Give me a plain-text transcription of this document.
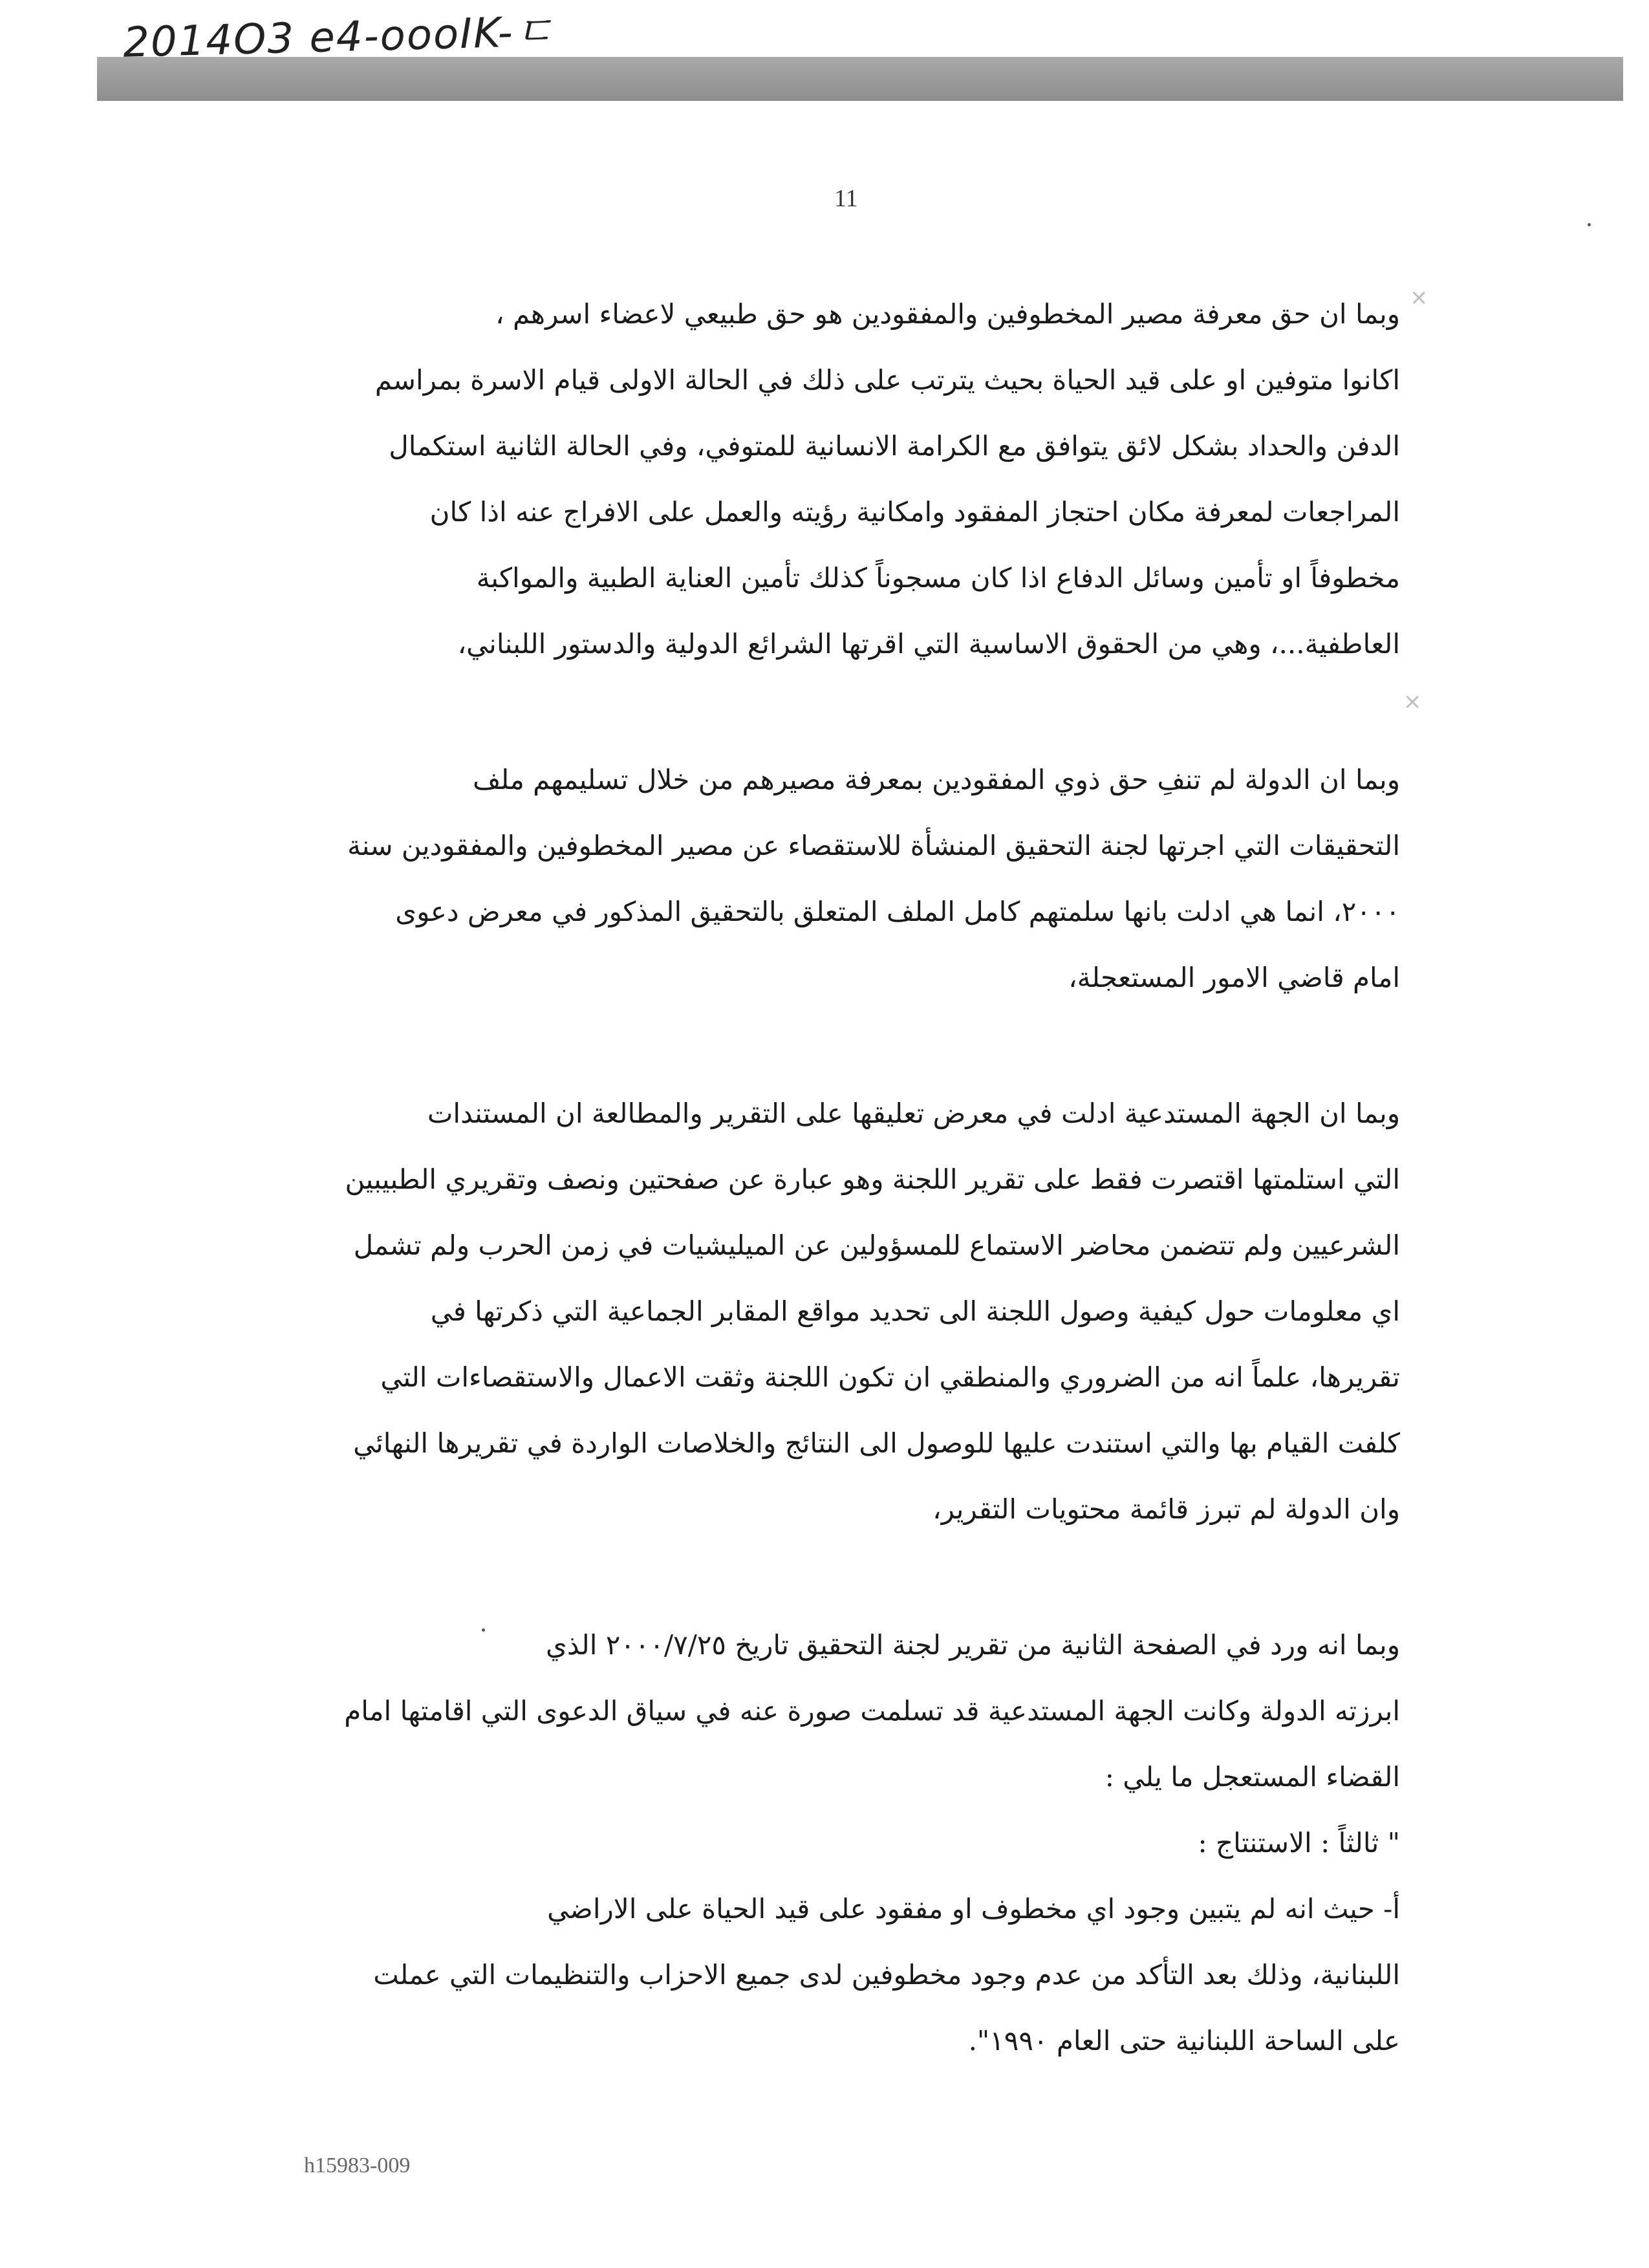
2014O3 e4-oooIK-ㄷ
11
×
×

وبما ان حق معرفة مصير المخطوفين والمفقودين هو حق طبيعي لاعضاء اسرهم ،
اكانوا متوفين او على قيد الحياة بحيث يترتب على ذلك في الحالة الاولى قيام الاسرة بمراسم
الدفن والحداد بشكل لائق يتوافق مع الكرامة الانسانية للمتوفي، وفي الحالة الثانية استكمال
المراجعات لمعرفة مكان احتجاز المفقود وامكانية رؤيته والعمل على الافراج عنه اذا كان
مخطوفاً او تأمين وسائل الدفاع اذا كان مسجوناً كذلك تأمين العناية الطبية والمواكبة
العاطفية...، وهي من الحقوق الاساسية التي اقرتها الشرائع الدولية والدستور اللبناني،

وبما ان الدولة لم تنفِ حق ذوي المفقودين بمعرفة مصيرهم من خلال تسليمهم ملف
التحقيقات التي اجرتها لجنة التحقيق المنشأة للاستقصاء عن مصير المخطوفين والمفقودين سنة
٢٠٠٠، انما هي ادلت بانها سلمتهم كامل الملف المتعلق بالتحقيق المذكور في معرض دعوى
امام قاضي الامور المستعجلة،

وبما ان الجهة المستدعية ادلت في معرض تعليقها على التقرير والمطالعة ان المستندات
التي استلمتها اقتصرت فقط على تقرير اللجنة وهو عبارة عن صفحتين ونصف وتقريري الطبيبين
الشرعيين ولم تتضمن محاضر الاستماع للمسؤولين عن الميليشيات في زمن الحرب ولم تشمل
اي معلومات حول كيفية وصول اللجنة الى تحديد مواقع المقابر الجماعية التي ذكرتها في
تقريرها، علماً انه من الضروري والمنطقي ان تكون اللجنة وثقت الاعمال والاستقصاءات التي
كلفت القيام بها والتي استندت عليها للوصول الى النتائج والخلاصات الواردة في تقريرها النهائي
وان الدولة لم تبرز قائمة محتويات التقرير،

وبما انه ورد في الصفحة الثانية من تقرير لجنة التحقيق تاريخ ٢٠٠٠/٧/٢٥ الذي
ابرزته الدولة وكانت الجهة المستدعية قد تسلمت صورة عنه في سياق الدعوى التي اقامتها امام
القضاء المستعجل ما يلي :
" ثالثاً : الاستنتاج :
أ- حيث انه لم يتبين وجود اي مخطوف او مفقود على قيد الحياة على الاراضي
اللبنانية، وذلك بعد التأكد من عدم وجود مخطوفين لدى جميع الاحزاب والتنظيمات التي عملت
على الساحة اللبنانية حتى العام ١٩٩٠".

h15983-009
